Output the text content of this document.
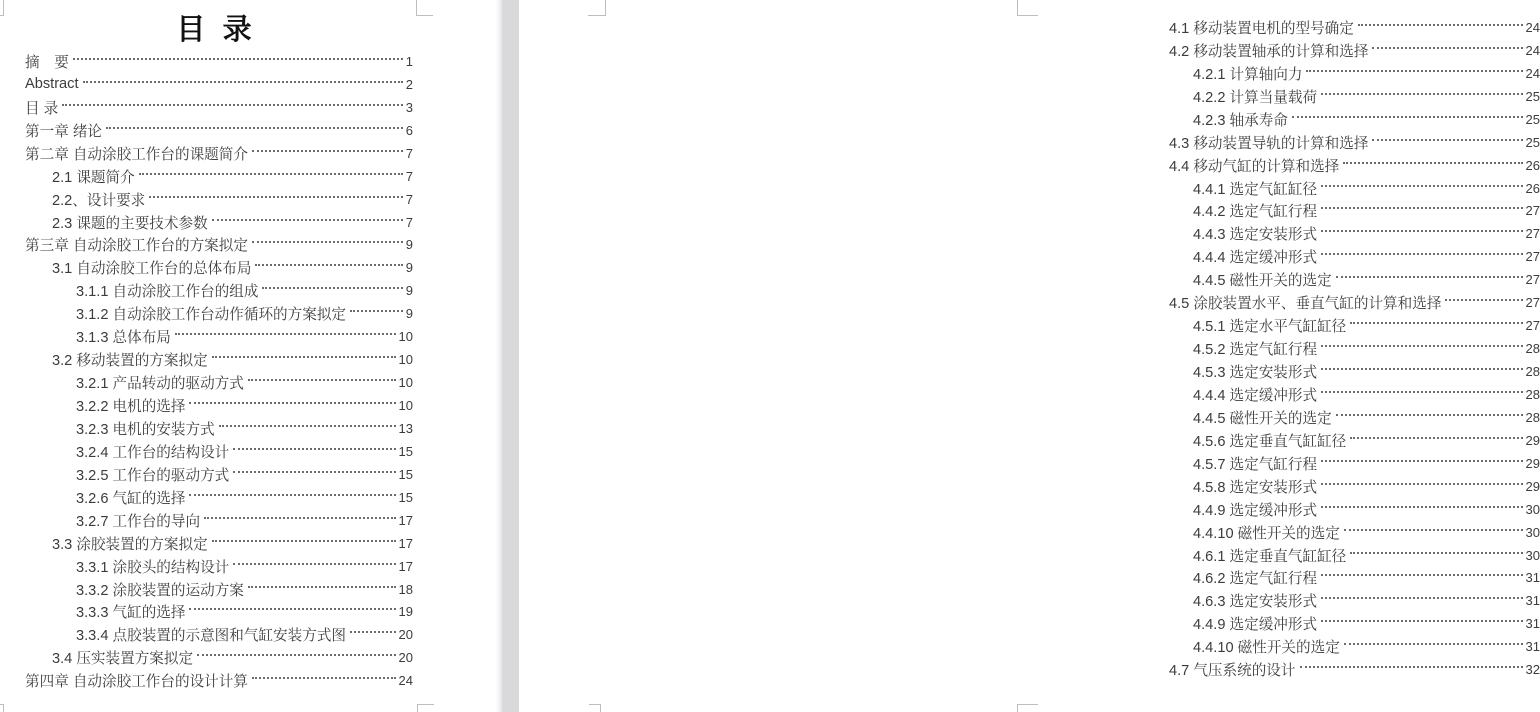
目 录
摘　要	1
Abstract	2
目 录	3
第一章 绪论	6
第二章 自动涂胶工作台的课题简介	7
2.1 课题简介	7
2.2、设计要求	7
2.3 课题的主要技术参数	7
第三章 自动涂胶工作台的方案拟定	9
3.1 自动涂胶工作台的总体布局	9
3.1.1 自动涂胶工作台的组成	9
3.1.2 自动涂胶工作台动作循环的方案拟定	9
3.1.3 总体布局	10
3.2 移动装置的方案拟定	10
3.2.1 产品转动的驱动方式	10
3.2.2 电机的选择	10
3.2.3 电机的安装方式	13
3.2.4 工作台的结构设计	15
3.2.5 工作台的驱动方式	15
3.2.6 气缸的选择	15
3.2.7 工作台的导向	17
3.3 涂胶装置的方案拟定	17
3.3.1 涂胶头的结构设计	17
3.3.2 涂胶装置的运动方案	18
3.3.3 气缸的选择	19
3.3.4 点胶装置的示意图和气缸安装方式图	20
3.4 压实装置方案拟定	20
第四章 自动涂胶工作台的设计计算	24
4.1 移动装置电机的型号确定	24
4.2 移动装置轴承的计算和选择	24
4.2.1 计算轴向力	24
4.2.2 计算当量载荷	25
4.2.3 轴承寿命	25
4.3 移动装置导轨的计算和选择	25
4.4 移动气缸的计算和选择	26
4.4.1 选定气缸缸径	26
4.4.2 选定气缸行程	27
4.4.3 选定安装形式	27
4.4.4 选定缓冲形式	27
4.4.5 磁性开关的选定	27
4.5 涂胶装置水平、垂直气缸的计算和选择	27
4.5.1 选定水平气缸缸径	27
4.5.2 选定气缸行程	28
4.5.3 选定安装形式	28
4.4.4 选定缓冲形式	28
4.4.5 磁性开关的选定	28
4.5.6 选定垂直气缸缸径	29
4.5.7 选定气缸行程	29
4.5.8 选定安装形式	29
4.4.9 选定缓冲形式	30
4.4.10 磁性开关的选定	30
4.6.1 选定垂直气缸缸径	30
4.6.2 选定气缸行程	31
4.6.3 选定安装形式	31
4.4.9 选定缓冲形式	31
4.4.10 磁性开关的选定	31
4.7 气压系统的设计	32
